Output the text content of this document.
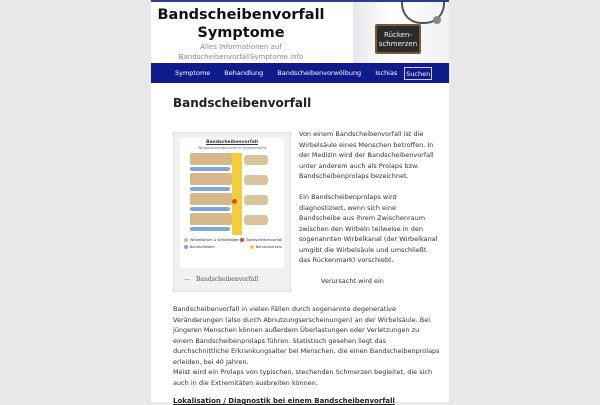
Bandscheibenvorfall Symptome
Alles Informationen auf BandscheibenvorfallSymptome.info
Rücken-schmerzen
Symptome	Behandlung	Bandscheibenvorwölbung	Ischias	Suchen
Bandscheibenvorfall
Bandscheibenvorfall
Wirbelsäulenabschnitt in Seitenansicht
Wirbelkörper & Wirbelbögen Bandscheibenvorfall
Bandscheiben	Nervenwurzeln
— Bandscheibenvorfall

Von einem Bandscheibenvorfall ist die Wirbelsäule eines Menschen betroffen. In der Medizin wird der Bandscheibenvorfall unter anderem auch als Prolaps bzw. Bandscheibenprolaps bezeichnet.

Ein Bandscheibenprolaps wird diagnostiziert, wenn sich eine Bandscheibe aus ihrem Zwischenraum zwischen den Wirbeln teilweise in den sogenannten Wirbelkanal (der Wirbelkanal umgibt die Wirbelsäule und umschließt das Rückenmark) vorschiebt.

Verursacht wird ein

Bandscheibenvorfall in vielen Fällen durch sogenannte degenerative Veränderungen (also durch Abnutzungserscheinungen) an der Wirbelsäule. Bei jüngeren Menschen können außerdem Überlastungen oder Verletzungen zu einem Bandscheibenprolaps führen. Statistisch gesehen liegt das durchschnittliche Erkrankungsalter bei Menschen, die einen Bandscheibenprolaps erleiden, bei 40 Jahren.

Meist wird ein Prolaps von typischen, stechenden Schmerzen begleitet, die sich auch in die Extremitäten ausbreiten können.

Lokalisation / Diagnostik bei einem Bandscheibenvorfall
